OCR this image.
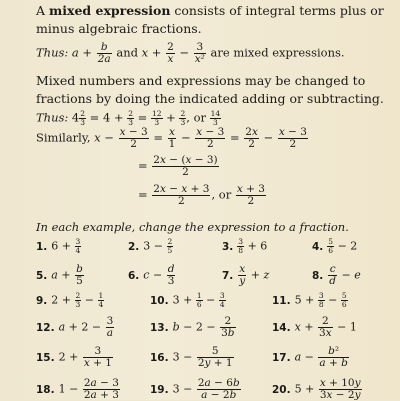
A mixed expression consists of integral terms plus or minus algebraic fractions.
Thus: $a + \frac{b}{2a}$ and $x + \frac{2}{x} - \frac{3}{\text{x²}}$ are mixed expressions.
Mixed numbers and expressions may be changed to fractions by doing the indicated adding or subtracting.
Thus: $4 \frac{2}{3} = 4 + \frac{2}{3} = \frac{12}{3} + \frac{2}{3}$ , or $\frac{14}{3}$
Similarly, $x - \frac{x - 3}{2} = \frac{x}{1} - \frac{x - 3}{2} = \frac{2x}{2} - \frac{x - 3}{2}$
= $\frac{2x - (x - 3)}{2}$
= $\frac{2x - x + 3}{2}$ , or $\frac{x + 3}{2}$
In each example, change the expression to a fraction.
1. $6 + \frac{3}{4}$	2. $3 - \frac{2}{5}$	3. $\frac{3}{8} + 6$	4. $\frac{5}{6} - 2$
5. $a + \frac{b}{5}$	6. $c - \frac{d}{3}$	7. $\frac{x}{y} + z$	8. $\frac{c}{d} - e$
9. $2 + \frac{2}{3} - \frac{1}{4}$	10. $3 + \frac{1}{6} - \frac{3}{4}$	11. $5 + \frac{3}{8} - \frac{5}{6}$
12. $a + 2 - \frac{3}{a}$	13. $b - 2 - \frac{2}{3b}$	14. $x + \frac{2}{3x} - 1$
15. $2 + \frac{3}{x + 1}$	16. $3 - \frac{5}{2y + 1}$	17. $a - \frac{\text{b²}}{a + b}$
18. $1 - \frac{2a - 3}{2a + 3}$	19. $3 - \frac{2a - 6b}{a - 2b}$	20. $5 + \frac{x + 10y}{3x - 2y}$
